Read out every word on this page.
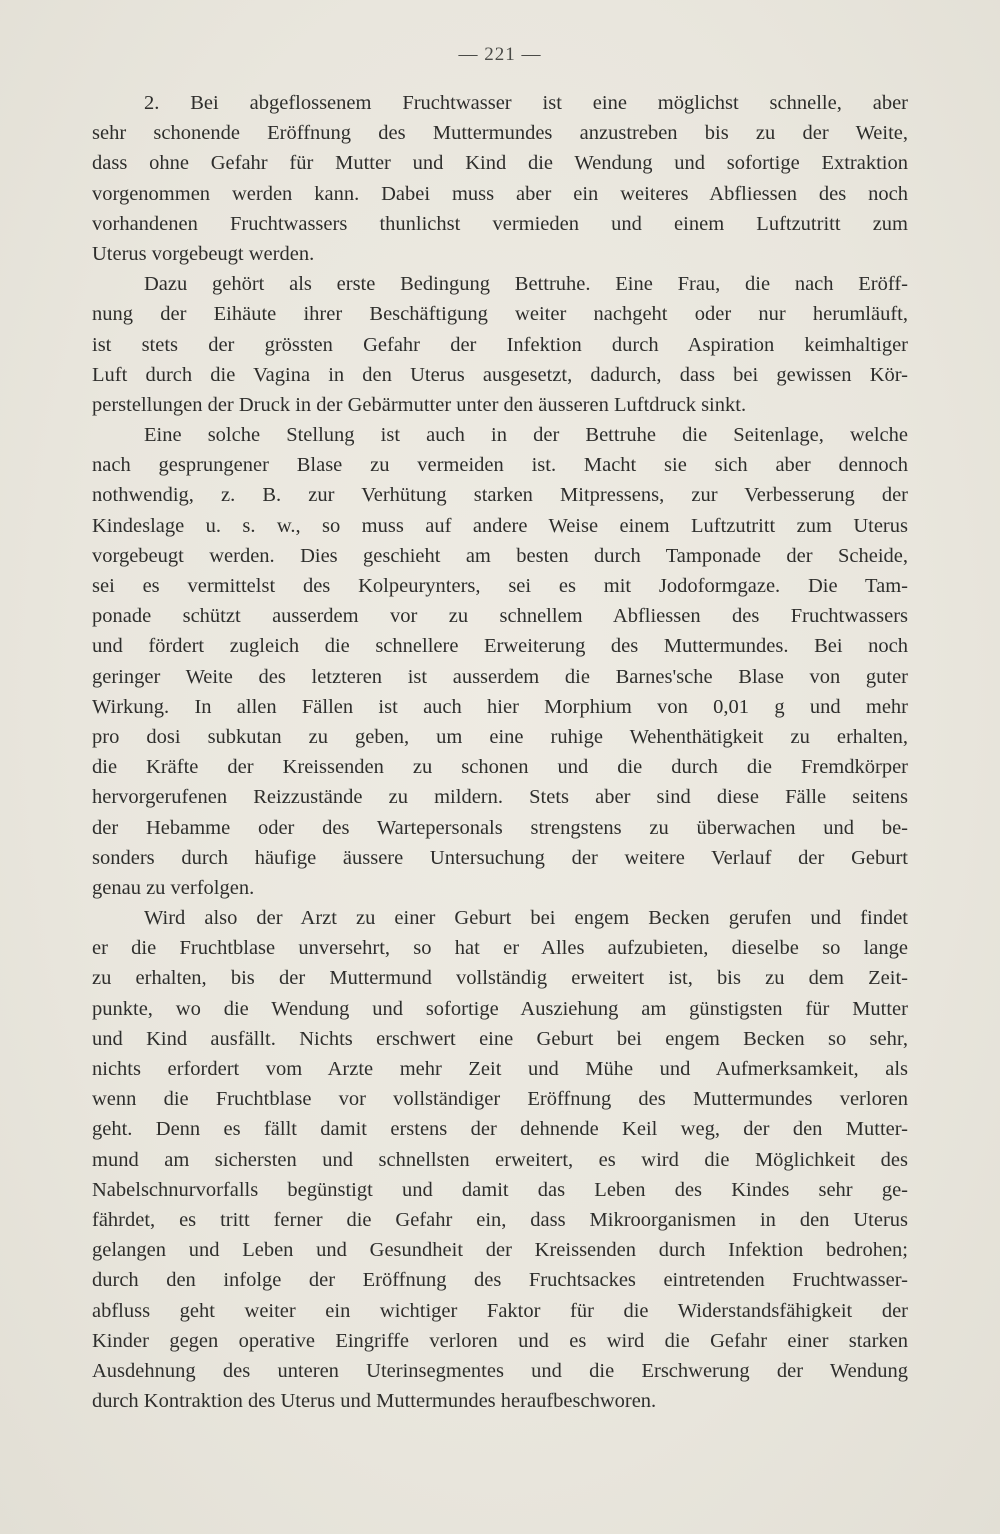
— 221 —
2. Bei abgeflossenem Fruchtwasser ist eine möglichst schnelle, aber
sehr schonende Eröffnung des Muttermundes anzustreben bis zu der Weite,
dass ohne Gefahr für Mutter und Kind die Wendung und sofortige Extraktion
vorgenommen werden kann. Dabei muss aber ein weiteres Abfliessen des noch
vorhandenen Fruchtwassers thunlichst vermieden und einem Luftzutritt zum
Uterus vorgebeugt werden.
Dazu gehört als erste Bedingung Bettruhe. Eine Frau, die nach Eröff-
nung der Eihäute ihrer Beschäftigung weiter nachgeht oder nur herumläuft,
ist stets der grössten Gefahr der Infektion durch Aspiration keimhaltiger
Luft durch die Vagina in den Uterus ausgesetzt, dadurch, dass bei gewissen Kör-
perstellungen der Druck in der Gebärmutter unter den äusseren Luftdruck sinkt.
Eine solche Stellung ist auch in der Bettruhe die Seitenlage, welche
nach gesprungener Blase zu vermeiden ist. Macht sie sich aber dennoch
nothwendig, z. B. zur Verhütung starken Mitpressens, zur Verbesserung der
Kindeslage u. s. w., so muss auf andere Weise einem Luftzutritt zum Uterus
vorgebeugt werden. Dies geschieht am besten durch Tamponade der Scheide,
sei es vermittelst des Kolpeurynters, sei es mit Jodoformgaze. Die Tam-
ponade schützt ausserdem vor zu schnellem Abfliessen des Fruchtwassers
und fördert zugleich die schnellere Erweiterung des Muttermundes. Bei noch
geringer Weite des letzteren ist ausserdem die Barnes'sche Blase von guter
Wirkung. In allen Fällen ist auch hier Morphium von 0,01 g und mehr
pro dosi subkutan zu geben, um eine ruhige Wehenthätigkeit zu erhalten,
die Kräfte der Kreissenden zu schonen und die durch die Fremdkörper
hervorgerufenen Reizzustände zu mildern. Stets aber sind diese Fälle seitens
der Hebamme oder des Wartepersonals strengstens zu überwachen und be-
sonders durch häufige äussere Untersuchung der weitere Verlauf der Geburt
genau zu verfolgen.
Wird also der Arzt zu einer Geburt bei engem Becken gerufen und findet
er die Fruchtblase unversehrt, so hat er Alles aufzubieten, dieselbe so lange
zu erhalten, bis der Muttermund vollständig erweitert ist, bis zu dem Zeit-
punkte, wo die Wendung und sofortige Ausziehung am günstigsten für Mutter
und Kind ausfällt. Nichts erschwert eine Geburt bei engem Becken so sehr,
nichts erfordert vom Arzte mehr Zeit und Mühe und Aufmerksamkeit, als
wenn die Fruchtblase vor vollständiger Eröffnung des Muttermundes verloren
geht. Denn es fällt damit erstens der dehnende Keil weg, der den Mutter-
mund am sichersten und schnellsten erweitert, es wird die Möglichkeit des
Nabelschnurvorfalls begünstigt und damit das Leben des Kindes sehr ge-
fährdet, es tritt ferner die Gefahr ein, dass Mikroorganismen in den Uterus
gelangen und Leben und Gesundheit der Kreissenden durch Infektion bedrohen;
durch den infolge der Eröffnung des Fruchtsackes eintretenden Fruchtwasser-
abfluss geht weiter ein wichtiger Faktor für die Widerstandsfähigkeit der
Kinder gegen operative Eingriffe verloren und es wird die Gefahr einer starken
Ausdehnung des unteren Uterinsegmentes und die Erschwerung der Wendung
durch Kontraktion des Uterus und Muttermundes heraufbeschworen.
